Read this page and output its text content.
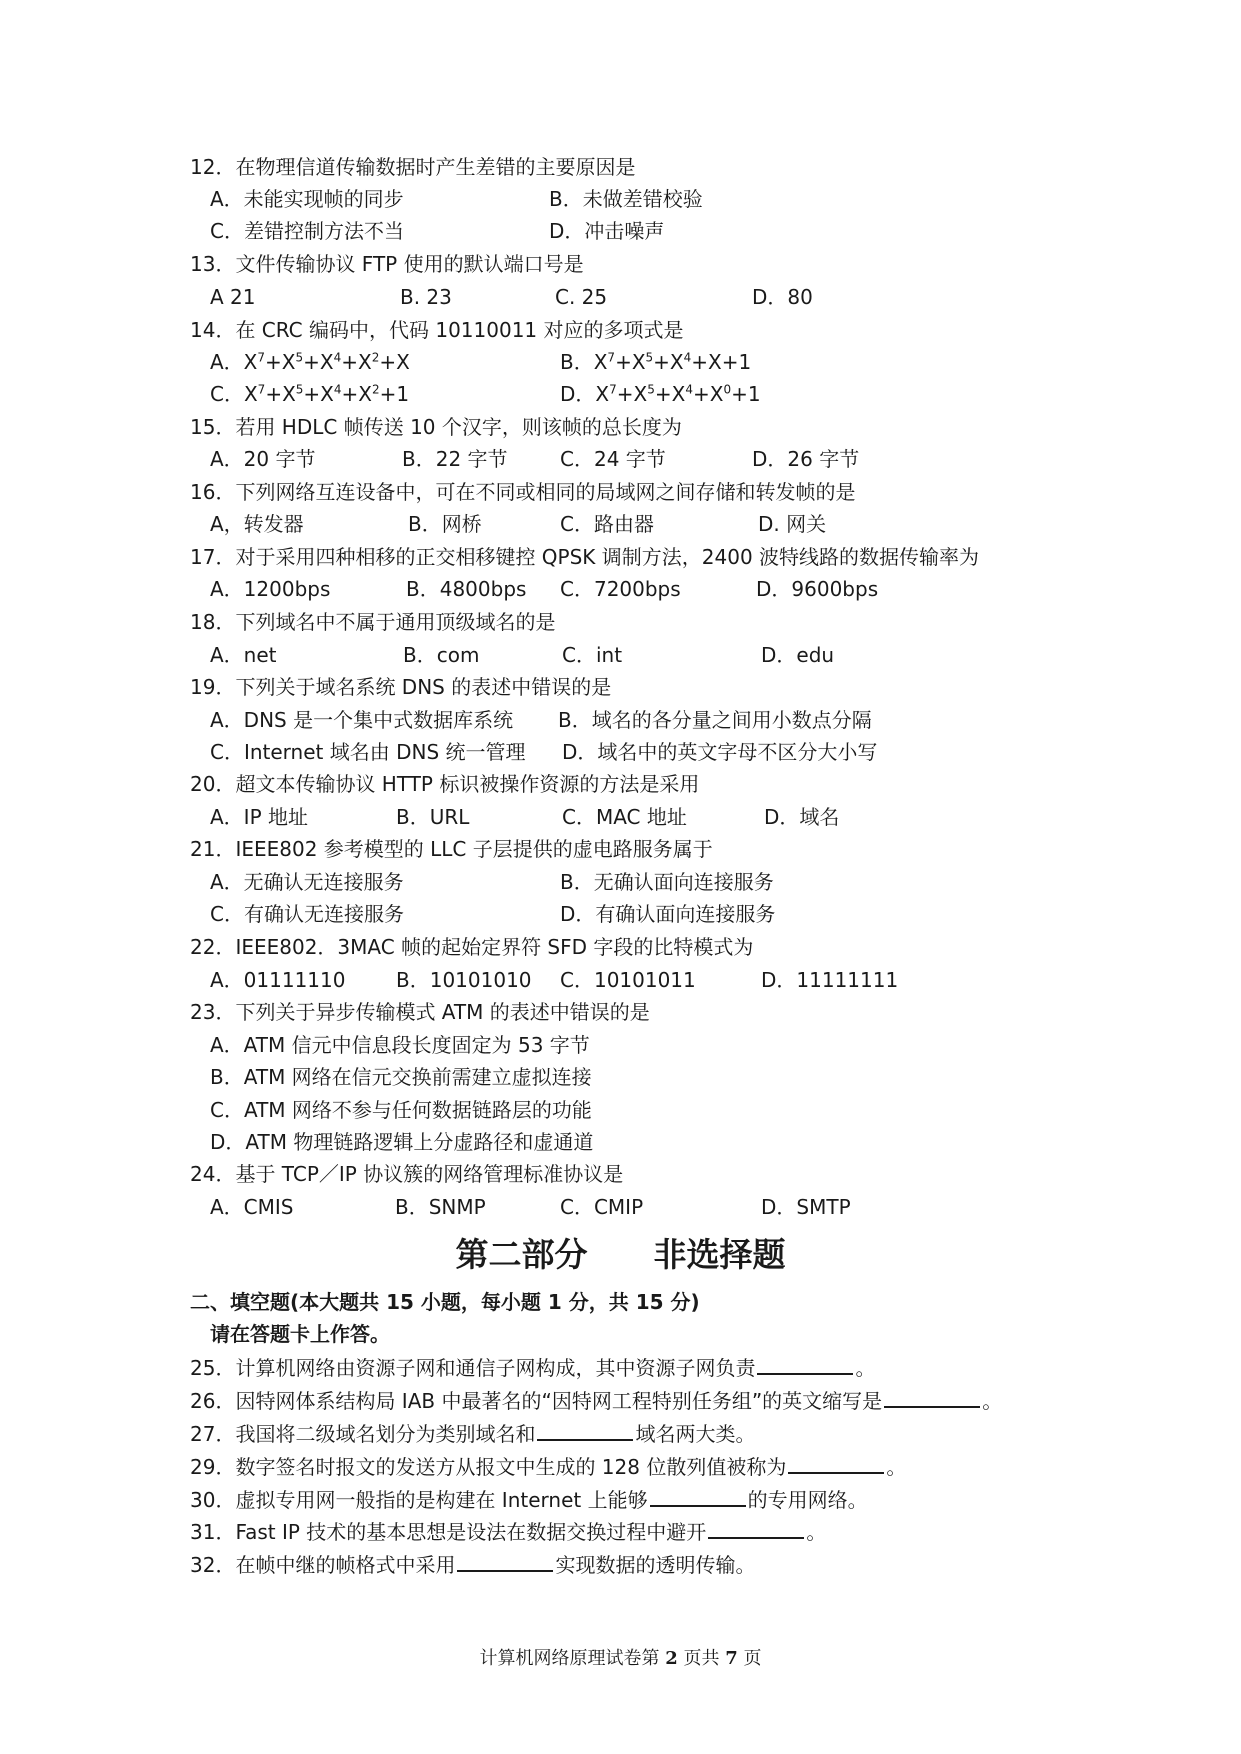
12．在物理信道传输数据时产生差错的主要原因是
A．未能实现帧的同步	B．未做差错校验
C．差错控制方法不当	D．冲击噪声
13．文件传输协议 FTP 使用的默认端口号是
A 21	B. 23	C. 25	D．80
14．在 CRC 编码中，代码 10110011 对应的多项式是
A．$X^7+X^5+X^4+X^2+X$	B．$X^7+X^5+X^4+X+1$
C．$X^7+X^5+X^4+X^2+1$	D．$X^7+X^5+X^4+X^0+1$
15．若用 HDLC 帧传送 10 个汉字，则该帧的总长度为
A．20 字节	B．22 字节	C．24 字节	D．26 字节
16．下列网络互连设备中，可在不同或相同的局域网之间存储和转发帧的是
A，转发器	B．网桥	C．路由器	D. 网关
17．对于采用四种相移的正交相移键控 QPSK 调制方法，2400 波特线路的数据传输率为
A．1200bps	B．4800bps C．7200bps	D．9600bps
18．下列域名中不属于通用顶级域名的是
A．net	B．com	C．int	D．edu
19．下列关于域名系统 DNS 的表述中错误的是
A．DNS 是一个集中式数据库系统 B．域名的各分量之间用小数点分隔
C．Internet 域名由 DNS 统一管理 D．域名中的英文字母不区分大小写
20．超文本传输协议 HTTP 标识被操作资源的方法是采用
A．IP 地址	B．URL	C．MAC 地址	D．域名
21．IEEE802 参考模型的 LLC 子层提供的虚电路服务属于
A．无确认无连接服务	B．无确认面向连接服务
C．有确认无连接服务	D．有确认面向连接服务
22．IEEE802．3MAC 帧的起始定界符 SFD 字段的比特模式为
A．01111110	B．10101010 C．10101011	D．11111111
23．下列关于异步传输模式 ATM 的表述中错误的是
A．ATM 信元中信息段长度固定为 53 字节
B．ATM 网络在信元交换前需建立虚拟连接
C．ATM 网络不参与任何数据链路层的功能
D．ATM 物理链路逻辑上分虚路径和虚通道
24．基于 TCP／IP 协议簇的网络管理标准协议是
A．CMIS	B．SNMP	C．CMIP	D．SMTP
第二部分　　非选择题
二、填空题(本大题共 15 小题，每小题 1 分，共 15 分)
请在答题卡上作答。
25．计算机网络由资源子网和通信子网构成，其中资源子网负责	。
26．因特网体系结构局 IAB 中最著名的“因特网工程特别任务组”的英文缩写是	。
27．我国将二级域名划分为类别域名和	域名两大类。
29．数字签名时报文的发送方从报文中生成的 128 位散列值被称为	。
30．虚拟专用网一般指的是构建在 Internet 上能够	的专用网络。
31．Fast IP 技术的基本思想是设法在数据交换过程中避开	。
32．在帧中继的帧格式中采用	实现数据的透明传输。
计算机网络原理试卷第 2 页共 7 页
